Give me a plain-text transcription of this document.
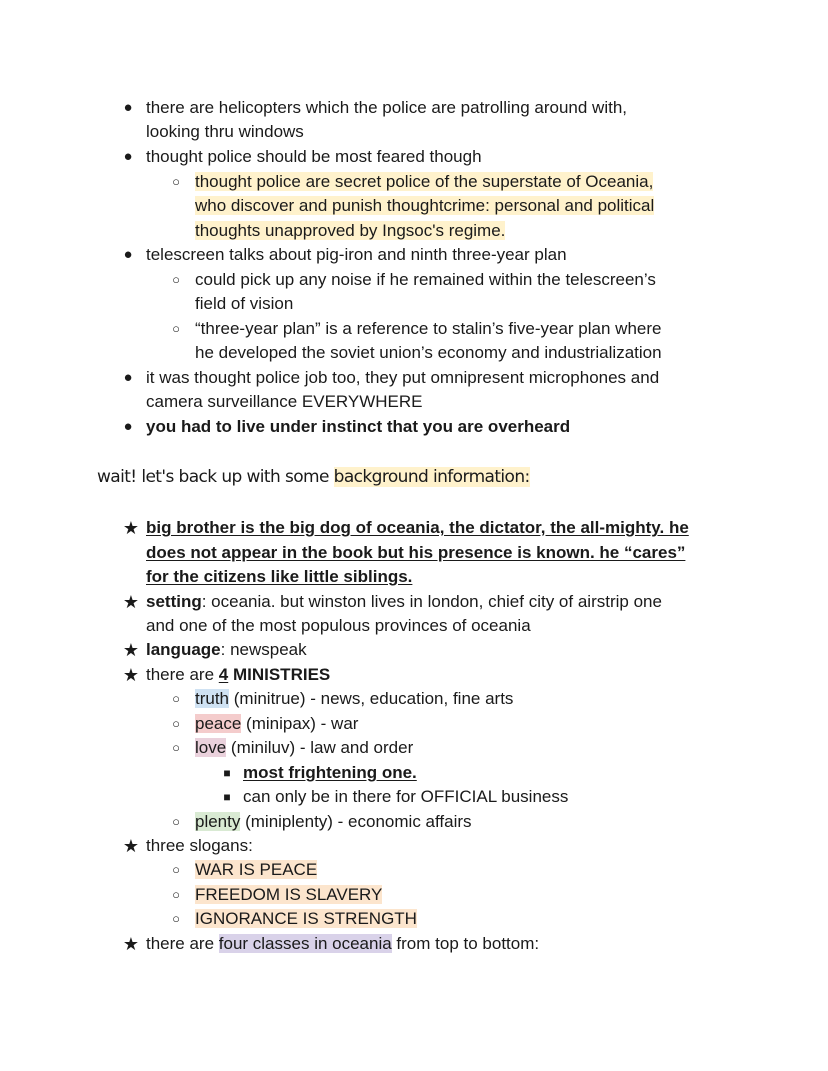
● there are helicopters which the police are patrolling around with,
looking thru windows
● thought police should be most feared though
○ thought police are secret police of the superstate of Oceania,
who discover and punish thoughtcrime: personal and political
thoughts unapproved by Ingsoc's regime.
● telescreen talks about pig-iron and ninth three-year plan
○ could pick up any noise if he remained within the telescreen’s
field of vision
○ “three-year plan” is a reference to stalin’s five-year plan where
he developed the soviet union’s economy and industrialization
● it was thought police job too, they put omnipresent microphones and
camera surveillance EVERYWHERE
● you had to live under instinct that you are overheard
wait! let's back up with some background information:
★ big brother is the big dog of oceania, the dictator, the all-mighty. he
does not appear in the book but his presence is known. he “cares”
for the citizens like little siblings.
★ setting: oceania. but winston lives in london, chief city of airstrip one
and one of the most populous provinces of oceania
★ language: newspeak
★ there are 4 MINISTRIES
○ truth (minitrue) - news, education, fine arts
○ peace (minipax) - war
○ love (miniluv) - law and order
■ most frightening one.
■ can only be in there for OFFICIAL business
○ plenty (miniplenty) - economic affairs
★ three slogans:
○ WAR IS PEACE
○ FREEDOM IS SLAVERY
○ IGNORANCE IS STRENGTH
★ there are four classes in oceania from top to bottom:
